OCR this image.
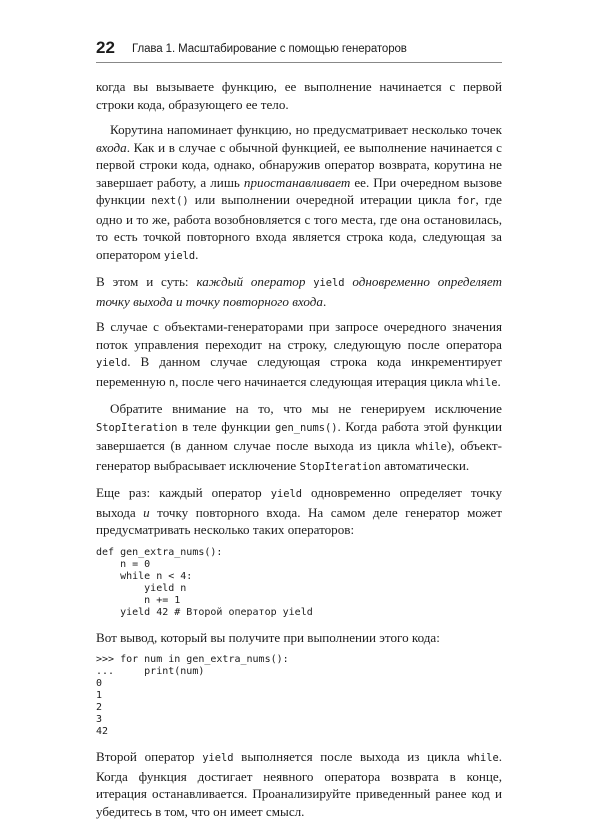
22 Глава 1. Масштабирование с помощью генераторов

когда вы вызываете функцию, ее выполнение начинается с первой строки кода, образующего ее тело.

Корутина напоминает функцию, но предусматривает несколько точек входа. Как и в случае с обычной функцией, ее выполнение начинается с первой строки кода, однако, обнаружив оператор возврата, корутина не завершает работу, а лишь приостанавливает ее. При очередном вызове функции next() или выполнении очередной итерации цикла for, где одно и то же, работа возобновляется с того места, где она остановилась, то есть точкой повторного входа является строка кода, следующая за оператором yield.

В этом и суть: каждый оператор yield одновременно определяет точку выхода и точку повторного входа.

В случае с объектами-генераторами при запросе очередного значения поток управления переходит на строку, следующую после оператора yield. В данном случае следующая строка кода инкрементирует переменную n, после чего начинается следующая итерация цикла while.

Обратите внимание на то, что мы не генерируем исключение StopIteration в теле функции gen_nums(). Когда работа этой функции завершается (в данном случае после выхода из цикла while), объект-генератор выбрасывает исключение StopIteration автоматически.

Еще раз: каждый оператор yield одновременно определяет точку выхода и точку повторного входа. На самом деле генератор может предусматривать несколько таких операторов:

def gen_extra_nums():
n = 0
while n < 4:
yield n
n += 1
yield 42 # Второй оператор yield

Вот вывод, который вы получите при выполнении этого кода:

>>> for num in gen_extra_nums():
...     print(num)
0
1
2
3
42

Второй оператор yield выполняется после выхода из цикла while. Когда функция достигает неявного оператора возврата в конце, итерация останавливается. Проанализируйте приведенный ранее код и убедитесь в том, что он имеет смысл.
